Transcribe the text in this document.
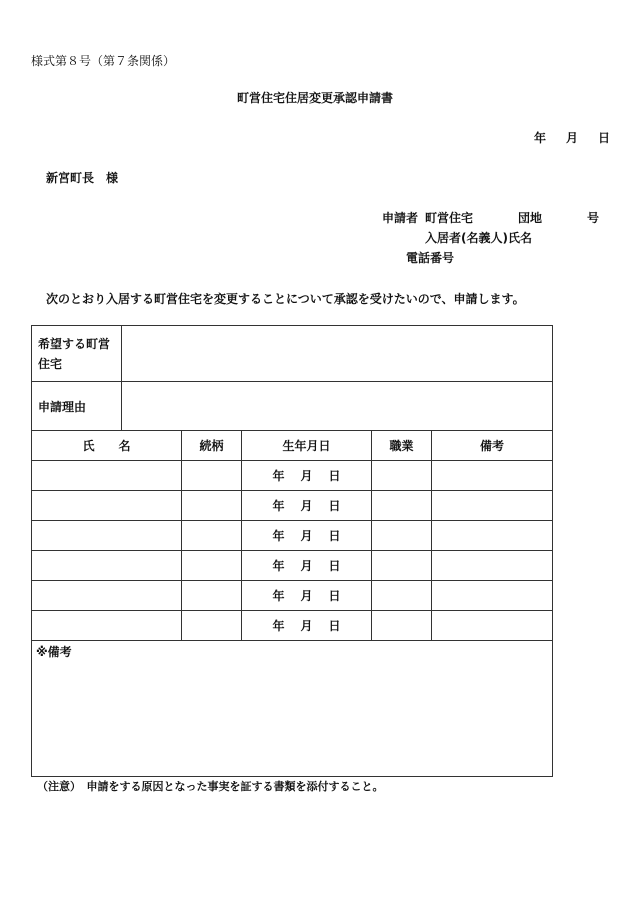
様式第８号（第７条関係）
町営住宅住居変更承認申請書
年 月 日
新宮町長　様
申請者 町営住宅	団地	号
入居者(名義人)氏名
電話番号
次のとおり入居する町営住宅を変更することについて承認を受けたいので、申請します。
希望する町営
住宅					

申請理由					
氏　　名		続柄	生年月日	職業	備考
			年 月 日		
			年 月 日		
			年 月 日		
			年 月 日		
			年 月 日		
			年 月 日		
※備考					
（注意）　申請をする原因となった事実を証する書類を添付すること。
